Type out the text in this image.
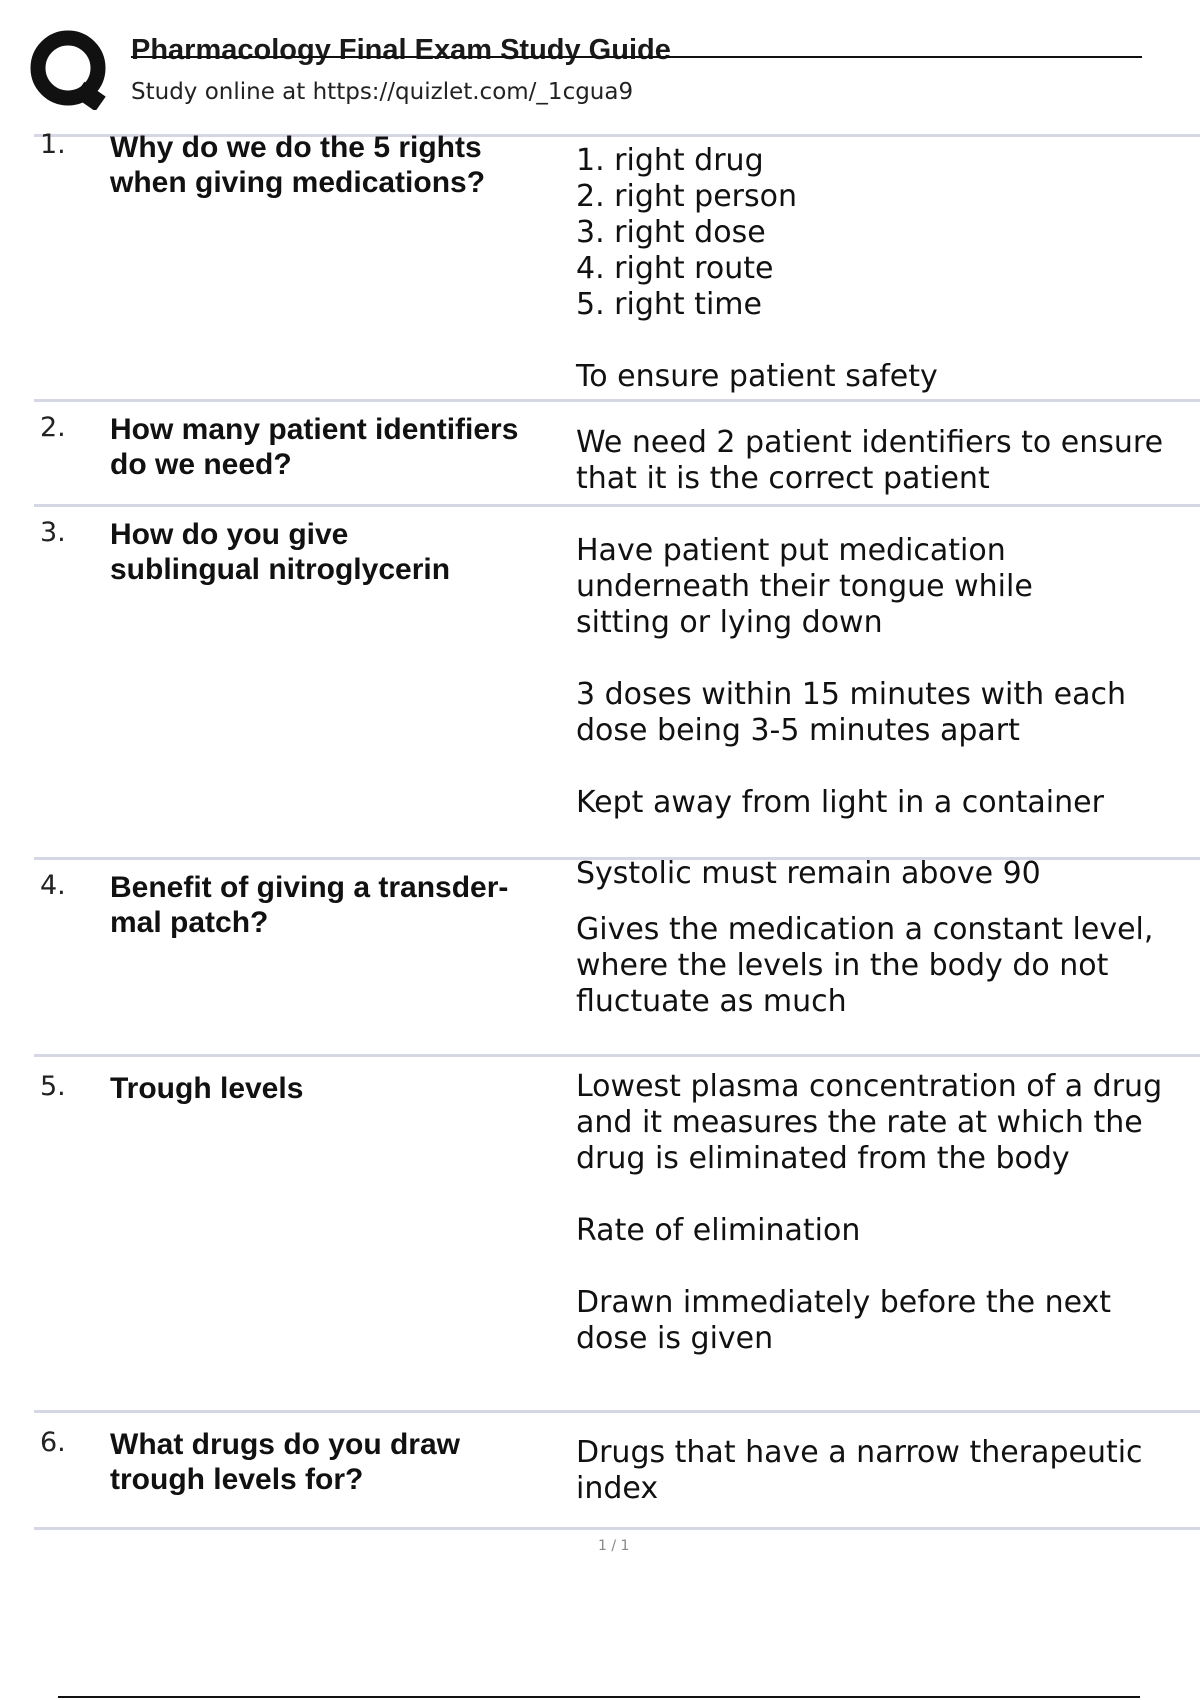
Pharmacology Final Exam Study Guide
Study online at https://quizlet.com/_1cgua9
1. Why do we do the 5 rights when giving medications?
1. right drug
2. right person
3. right dose
4. right route
5. right time

To ensure patient safety

2. How many patient identifiers do we need?

We need 2 patient identifiers to ensure that it is the correct patient

3. How do you give sublingual nitroglycerin

Have patient put medication underneath their tongue while sitting or lying down

3 doses within 15 minutes with each dose being 3-5 minutes apart

Kept away from light in a container

4. Benefit of giving a transder-mal patch?

Systolic must remain above 90

Gives the medication a constant level, where the levels in the body do not fluctuate as much

5. Trough levels	Lowest plasma concentration of a drug and it measures the rate at which the drug is eliminated from the body

Rate of elimination

Drawn immediately before the next dose is given

6. What drugs do you draw trough levels for?

Drugs that have a narrow therapeutic index

1 / 1
